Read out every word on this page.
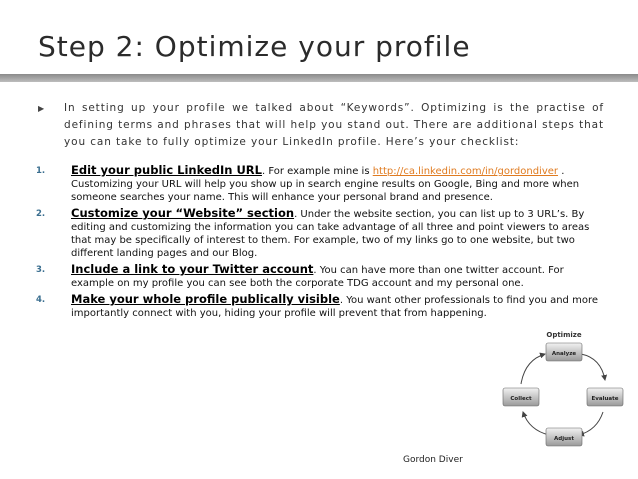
Step 2: Optimize your profile
▶ In setting up your profile we talked about “Keywords”. Optimizing is the practise of defining terms and phrases that will help you stand out. There are additional steps that you can take to fully optimize your LinkedIn profile. Here’s your checklist:
1. Edit your public LinkedIn URL. For example mine is http://ca.linkedin.com/in/gordondiver . Customizing your URL will help you show up in search engine results on Google, Bing and more when someone searches your name. This will enhance your personal brand and presence.
2. Customize your “Website” section. Under the website section, you can list up to 3 URL’s. By editing and customizing the information you can take advantage of all three and point viewers to areas that may be specifically of interest to them. For example, two of my links go to one website, but two different landing pages and our Blog.
3. Include a link to your Twitter account. You can have more than one twitter account. For example on my profile you can see both the corporate TDG account and my personal one.
4. Make your whole profile publically visible. You want other professionals to find you and more importantly connect with you, hiding your profile will prevent that from happening.
Optimize
Analyze
Evaluate
Adjust
Collect
Gordon Diver
